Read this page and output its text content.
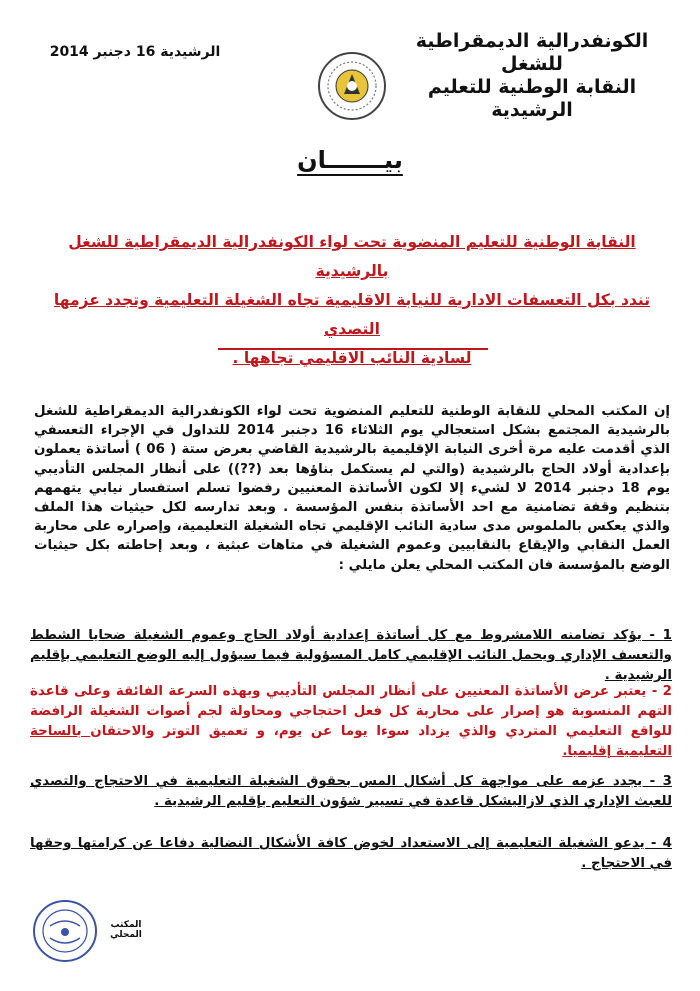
الكونفدرالية الديمقراطية للشغل
النقابة الوطنية للتعليم
الرشيدية
الرشيدية 16 دجنبر 2014
بيـــــــان
النقابة الوطنية للتعليم المنضوية تحت لواء الكونفدرالية الديمقراطية للشغل بالرشيدية
تندد بكل التعسفات الادارية للنيابة الاقليمية تجاه الشغيلة التعليمية وتجدد عزمها التصدي
لسادية النائب الاقليمي تجاهها .
إن المكتب المحلي للنقابة الوطنية للتعليم المنضوية تحت لواء الكونفدرالية الديمقراطية للشغل بالرشيدية المجتمع بشكل استعجالي يوم الثلاثاء 16 دجنبر 2014 للتداول في الإجراء التعسفي الذي أقدمت عليه مرة أخرى النيابة الإقليمية بالرشيدية القاضي بعرض ستة ( 06 ) أساتذة يعملون بإعدادية أولاد الحاج بالرشيدية (والتي لم يستكمل بناؤها بعد (??)) على أنظار المجلس التأديبي يوم 18 دجنبر 2014 لا لشيء إلا لكون الأساتذة المعنيين رفضوا تسلم استفسار نيابي يتهمهم بتنظيم وقفة تضامنية مع احد الأساتذة بنفس المؤسسة . وبعد تدارسه لكل حيثيات هذا الملف والذي يعكس بالملموس مدى سادية النائب الإقليمي تجاه الشغيلة التعليمية، وإصراره على محاربة العمل النقابي والإيقاع بالنقابيين وعموم الشغيلة في متاهات عبثية ، وبعد إحاطته بكل حيثيات الوضع بالمؤسسة فان المكتب المحلي يعلن مايلي :
1 - يؤكد تضامنه اللامشروط مع كل أساتذة إعدادية أولاد الحاج وعموم الشغيلة ضحايا الشطط والتعسف الإداري ويحمل النائب الإقليمي كامل المسؤولية فيما سيؤول إليه الوضع التعليمي بإقليم الرشيدية .
2 - يعتبر عرض الأساتذة المعنيين على أنظار المجلس التأديبي وبهذه السرعة الفائقة وعلى قاعدة التهم المنسوبة هو إصرار على محاربة كل فعل احتجاجي ومحاولة لجم أصوات الشغيلة الرافضة للواقع التعليمي المتردي والذي يزداد سوءا يوما عن يوم، و تعميق التوتر والاحتقان بالساحة التعليمية إقليميا.
3 - يجدد عزمه على مواجهة كل أشكال المس بحقوق الشغيلة التعليمية في الاحتجاج والتصدي للعبث الإداري الذي لازاليشكل قاعدة في تسيير شؤون التعليم بإقليم الرشيدية .
4 - يدعو الشغيلة التعليمية إلى الاستعداد لخوض كافة الأشكال النضالية دفاعا عن كرامتها وحقها في الاحتجاج .
المكتب المحلي
